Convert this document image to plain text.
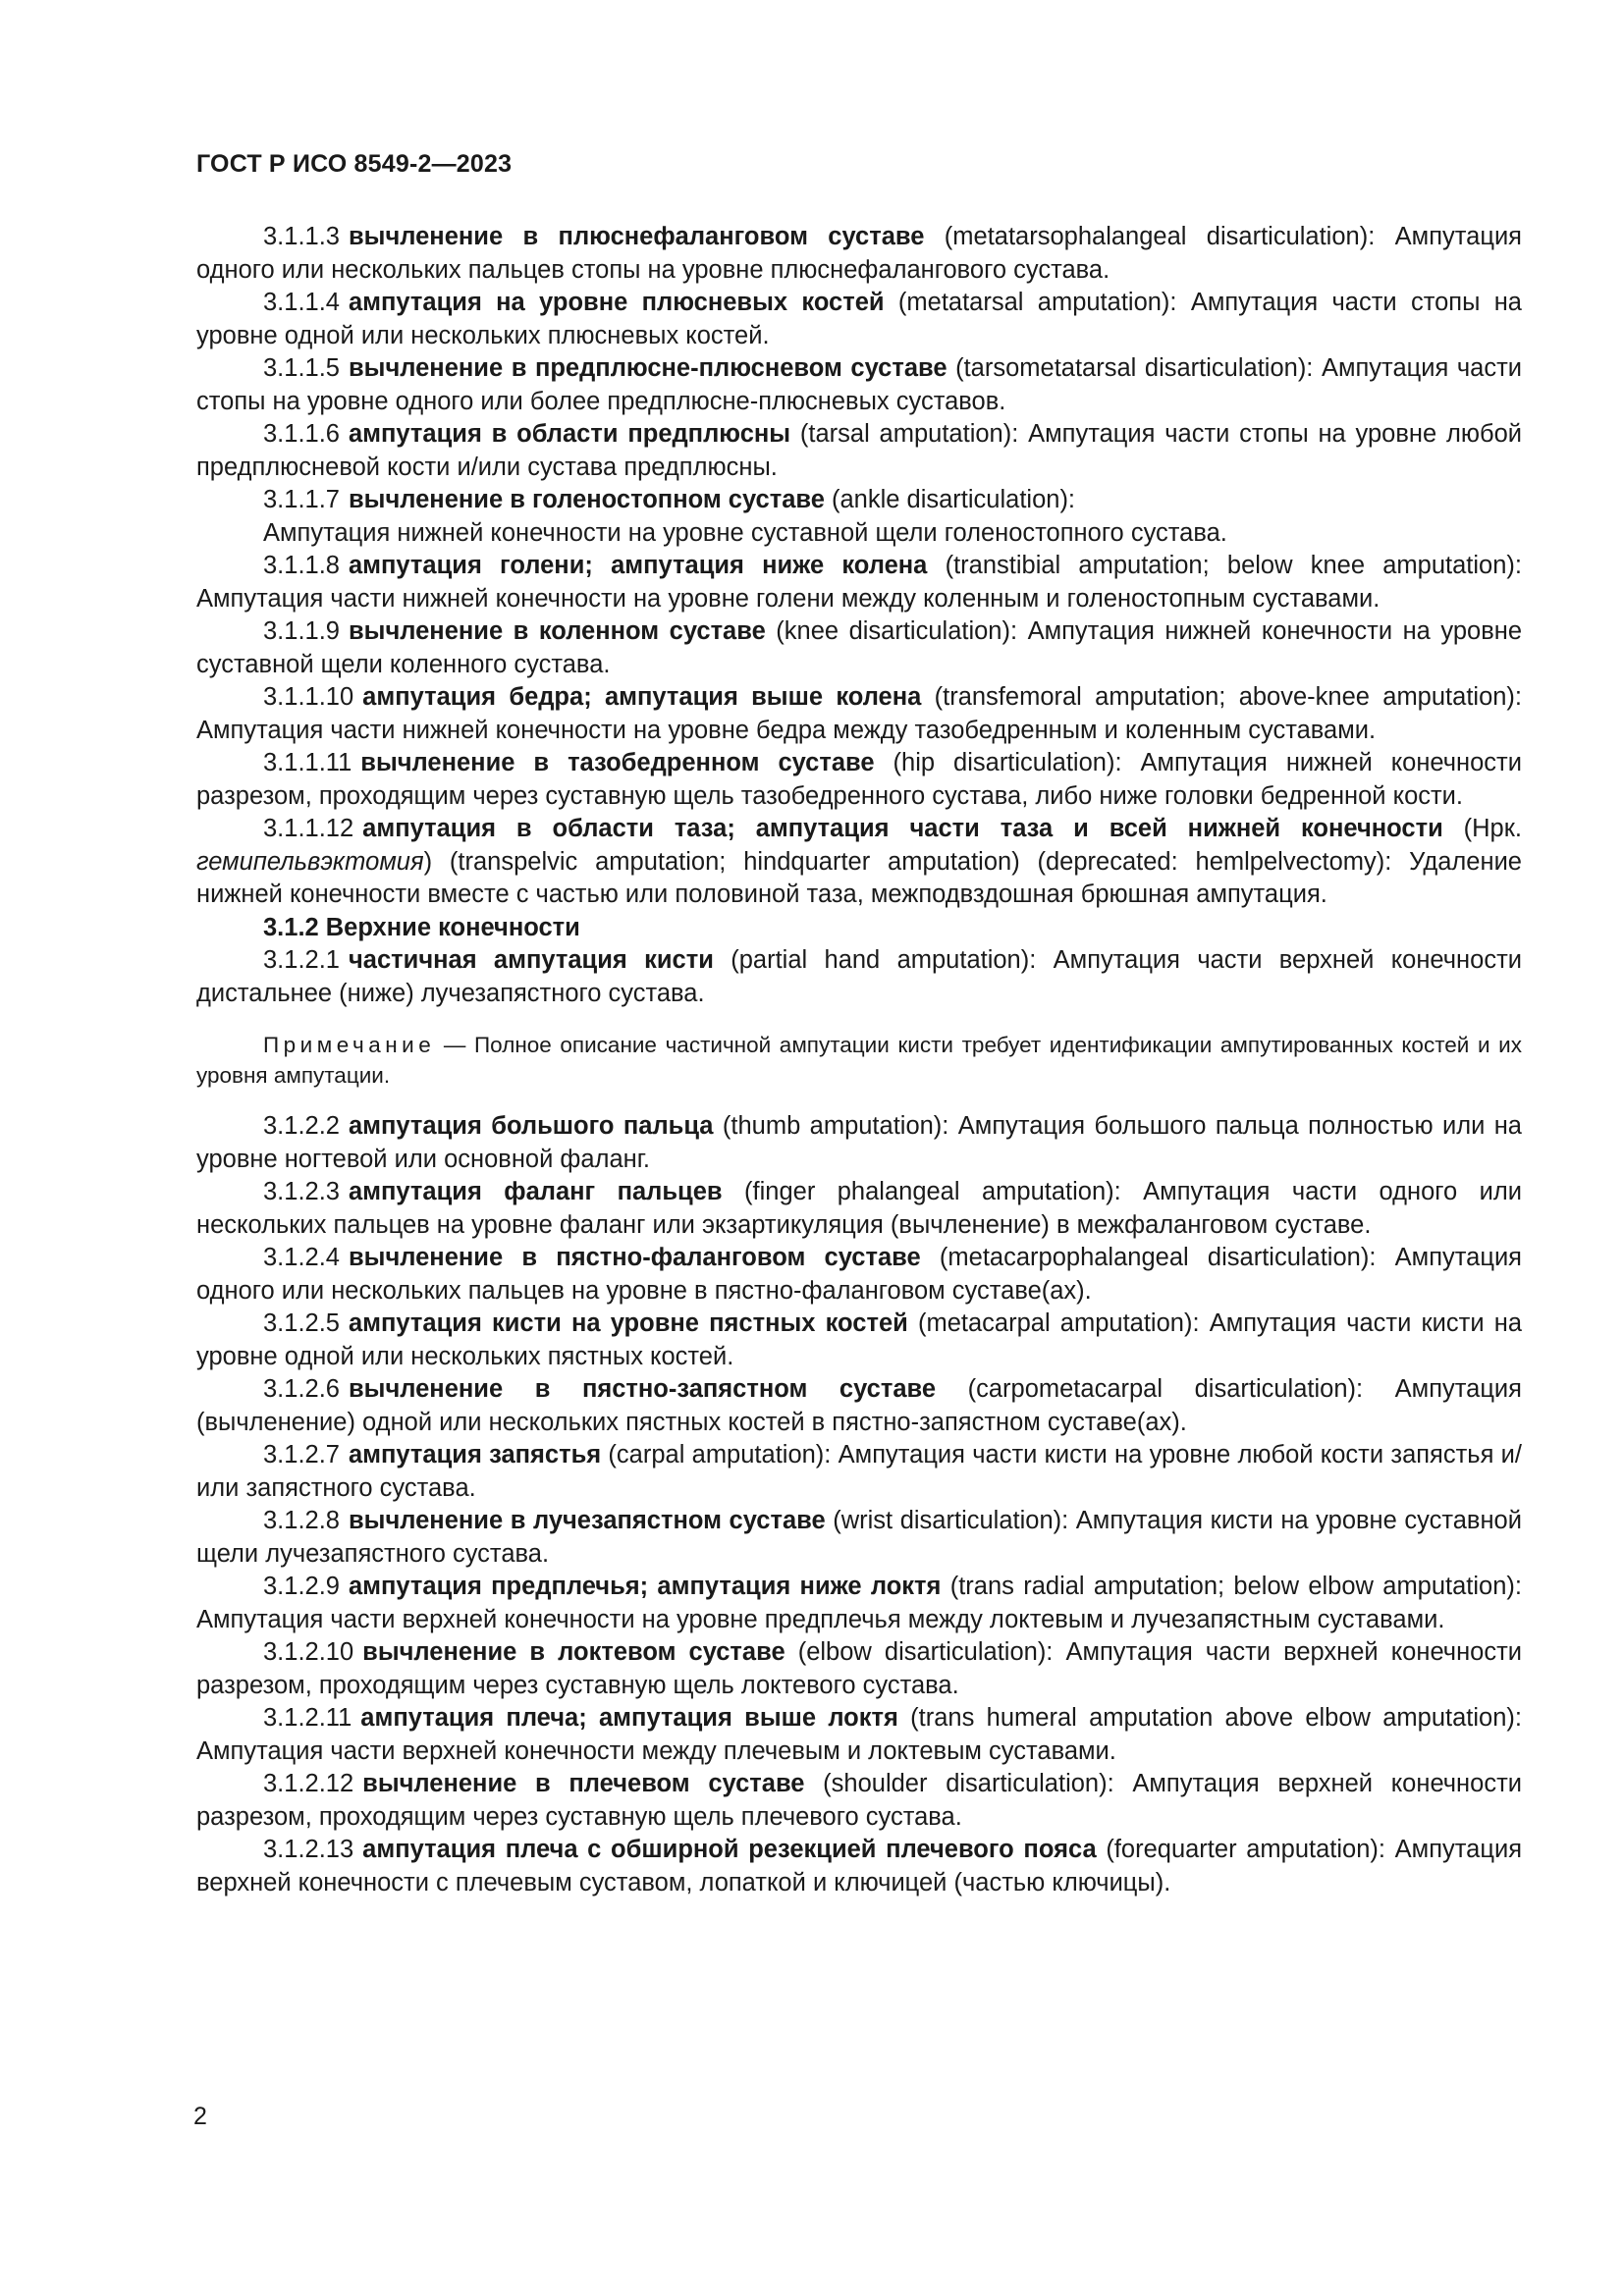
ГОСТ Р ИСО 8549-2—2023

3.1.1.3 вычленение в плюснефаланговом суставе (metatarsophalangeal disarticulation): Ампутация одного или нескольких пальцев стопы на уровне плюснефалангового сустава.

3.1.1.4 ампутация на уровне плюсневых костей (metatarsal amputation): Ампутация части стопы на уровне одной или нескольких плюсневых костей.

3.1.1.5 вычленение в предплюсне-плюсневом суставе (tarsometatarsal disarticulation): Ампутация части стопы на уровне одного или более предплюсне-плюсневых суставов.

3.1.1.6 ампутация в области предплюсны (tarsal amputation): Ампутация части стопы на уровне любой предплюсневой кости и/или сустава предплюсны.

3.1.1.7 вычленение в голеностопном суставе (ankle disarticulation):

Ампутация нижней конечности на уровне суставной щели голеностопного сустава.

3.1.1.8 ампутация голени; ампутация ниже колена (transtibial amputation; below knee amputation): Ампутация части нижней конечности на уровне голени между коленным и голеностопным суставами.

3.1.1.9 вычленение в коленном суставе (knee disarticulation): Ампутация нижней конечности на уровне суставной щели коленного сустава.

3.1.1.10 ампутация бедра; ампутация выше колена (transfemoral amputation; above-knee amputation): Ампутация части нижней конечности на уровне бедра между тазобедренным и коленным суставами.

3.1.1.11 вычленение в тазобедренном суставе (hip disarticulation): Ампутация нижней конечности разрезом, проходящим через суставную щель тазобедренного сустава, либо ниже головки бедренной кости.

3.1.1.12 ампутация в области таза; ампутация части таза и всей нижней конечности (Нрк. гемипельвэктомия) (transpelvic amputation; hindquarter amputation) (deprecated: hemlpelvectomy): Удаление нижней конечности вместе с частью или половиной таза, межподвздошная брюшная ампутация.

3.1.2 Верхние конечности

3.1.2.1 частичная ампутация кисти (partial hand amputation): Ампутация части верхней конечности дистальнее (ниже) лучезапястного сустава.

Примечание — Полное описание частичной ампутации кисти требует идентификации ампутированных костей и их уровня ампутации.

3.1.2.2 ампутация большого пальца (thumb amputation): Ампутация большого пальца полностью или на уровне ногтевой или основной фаланг.

3.1.2.3 ампутация фаланг пальцев (finger phalangeal amputation): Ампутация части одного или нескольких пальцев на уровне фаланг или экзартикуляция (вычленение) в межфаланговом суставе.

3.1.2.4 вычленение в пястно-фаланговом суставе (metacarpophalangeal disarticulation): Ампутация одного или нескольких пальцев на уровне в пястно-фаланговом суставе(ах).

3.1.2.5 ампутация кисти на уровне пястных костей (metacarpal amputation): Ампутация части кисти на уровне одной или нескольких пястных костей.

3.1.2.6 вычленение в пястно-запястном суставе (carpometacarpal disarticulation): Ампутация (вычленение) одной или нескольких пястных костей в пястно-запястном суставе(ах).

3.1.2.7 ампутация запястья (carpal amputation): Ампутация части кисти на уровне любой кости запястья и/или запястного сустава.

3.1.2.8 вычленение в лучезапястном суставе (wrist disarticulation): Ампутация кисти на уровне суставной щели лучезапястного сустава.

3.1.2.9 ампутация предплечья; ампутация ниже локтя (trans radial amputation; below elbow amputation): Ампутация части верхней конечности на уровне предплечья между локтевым и лучезапястным суставами.

3.1.2.10 вычленение в локтевом суставе (elbow disarticulation): Ампутация части верхней конечности разрезом, проходящим через суставную щель локтевого сустава.

3.1.2.11 ампутация плеча; ампутация выше локтя (trans humeral amputation above elbow amputation): Ампутация части верхней конечности между плечевым и локтевым суставами.

3.1.2.12 вычленение в плечевом суставе (shoulder disarticulation): Ампутация верхней конечности разрезом, проходящим через суставную щель плечевого сустава.

3.1.2.13 ампутация плеча с обширной резекцией плечевого пояса (forequarter amputation): Ампутация верхней конечности с плечевым суставом, лопаткой и ключицей (частью ключицы).

2
